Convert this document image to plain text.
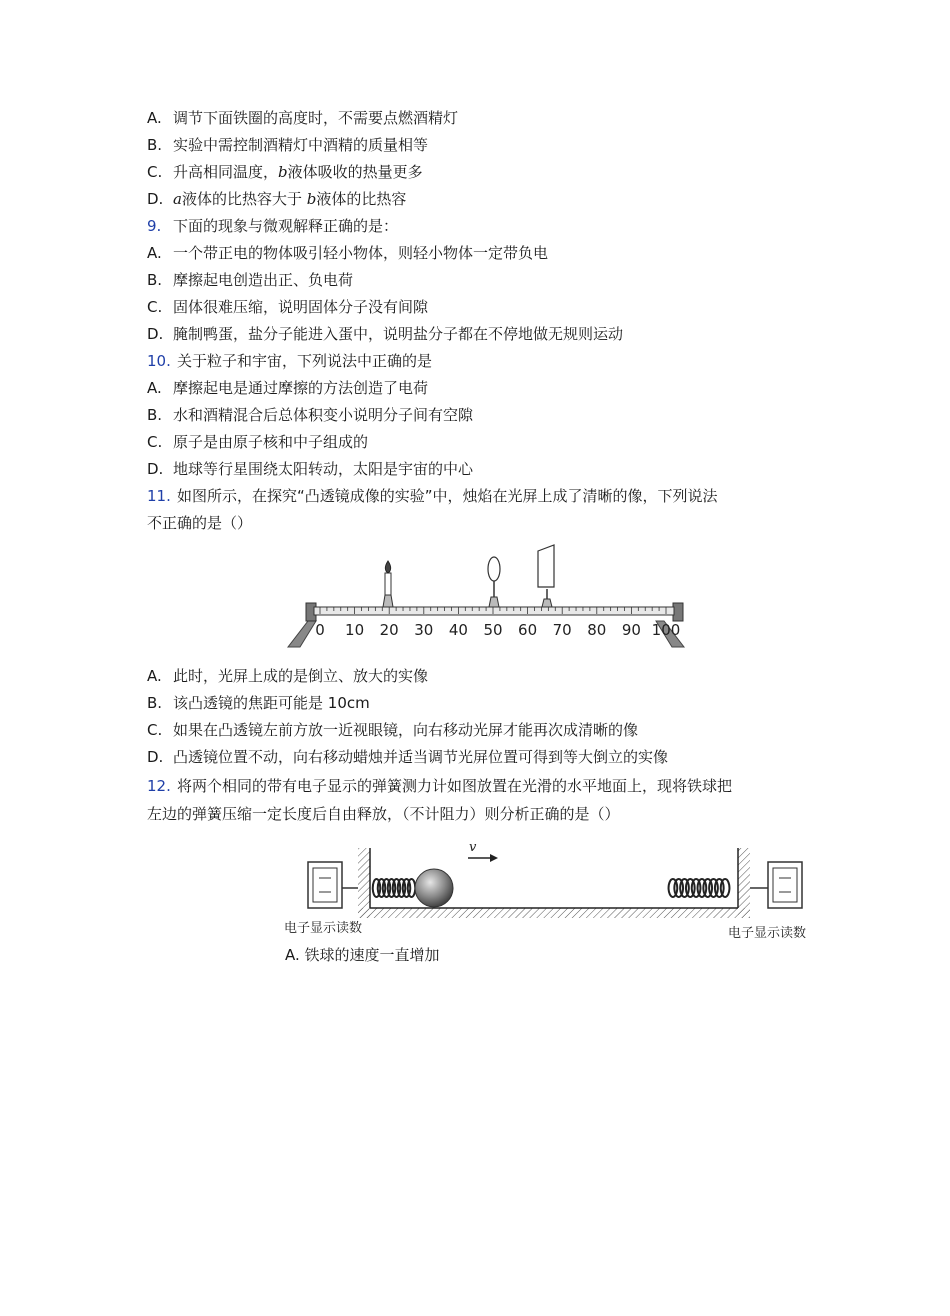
A. 调节下面铁圈的高度时，不需要点燃酒精灯
B. 实验中需控制酒精灯中酒精的质量相等
C. 升高相同温度，b液体吸收的热量更多
D. a液体的比热容大于 b液体的比热容
9. 下面的现象与微观解释正确的是：
A. 一个带正电的物体吸引轻小物体，则轻小物体一定带负电
B. 摩擦起电创造出正、负电荷
C. 固体很难压缩，说明固体分子没有间隙
D. 腌制鸭蛋，盐分子能进入蛋中，说明盐分子都在不停地做无规则运动
10. 关于粒子和宇宙，下列说法中正确的是
A. 摩擦起电是通过摩擦的方法创造了电荷
B. 水和酒精混合后总体积变小说明分子间有空隙
C. 原子是由原子核和中子组成的
D. 地球等行星围绕太阳转动，太阳是宇宙的中心
11. 如图所示，在探究“凸透镜成像的实验”中，烛焰在光屏上成了清晰的像，下列说法
不正确的是（）
0 10 20 30 40 50 60 70 80 90 100
A. 此时，光屏上成的是倒立、放大的实像
B. 该凸透镜的焦距可能是 10cm
C. 如果在凸透镜左前方放一近视眼镜，向右移动光屏才能再次成清晰的像
D. 凸透镜位置不动，向右移动蜡烛并适当调节光屏位置可得到等大倒立的实像
12. 将两个相同的带有电子显示的弹簧测力计如图放置在光滑的水平地面上，现将铁球把
左边的弹簧压缩一定长度后自由释放，（不计阻力）则分析正确的是（）
v
电子显示读数	电子显示读数
A. 铁球的速度一直增加
